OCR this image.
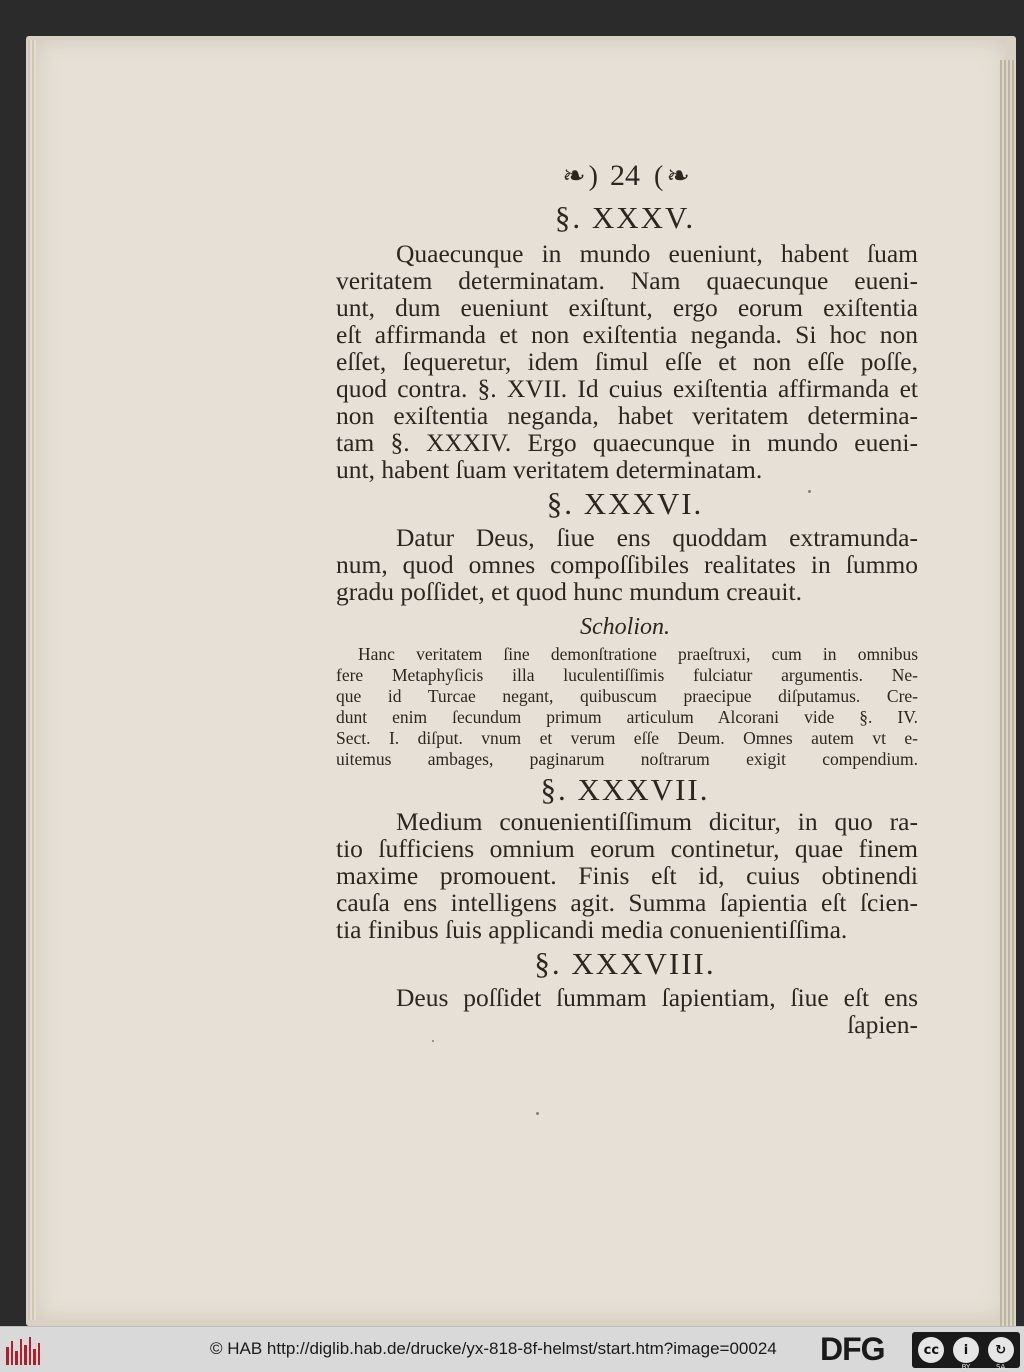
❧ ) 24 ( ❧
§. XXXV.
Quaecunque in mundo eueniunt, habent ſuam
veritatem determinatam. Nam quaecunque eueni-
unt, dum eueniunt exiſtunt, ergo eorum exiſtentia
eſt affirmanda et non exiſtentia neganda. Si hoc non
eſſet, ſequeretur, idem ſimul eſſe et non eſſe poſſe,
quod contra. §. XVII. Id cuius exiſtentia affirmanda et
non exiſtentia neganda, habet veritatem determina-
tam §. XXXIV. Ergo quaecunque in mundo eueni-
unt, habent ſuam veritatem determinatam.
§. XXXVI.
Datur Deus, ſiue ens quoddam extramunda-
num, quod omnes compoſſibiles realitates in ſummo
gradu poſſidet, et quod hunc mundum creauit.
Scholion.
Hanc veritatem ſine demonſtratione praeſtruxi, cum in omnibus
fere Metaphyſicis illa luculentiſſimis fulciatur argumentis. Ne-
que id Turcae negant, quibuscum praecipue diſputamus. Cre-
dunt enim ſecundum primum articulum Alcorani vide §. IV.
Sect. I. diſput. vnum et verum eſſe Deum. Omnes autem vt e-
uitemus ambages, paginarum noſtrarum exigit compendium.
§. XXXVII.
Medium conuenientiſſimum dicitur, in quo ra-
tio ſufficiens omnium eorum continetur, quae finem
maxime promouent. Finis eſt id, cuius obtinendi
cauſa ens intelligens agit. Summa ſapientia eſt ſcien-
tia finibus ſuis applicandi media conuenientiſſima.
§. XXXVIII.
Deus poſſidet ſummam ſapientiam, ſiue eſt ens
ſapien-
© HAB http://diglib.hab.de/drucke/yx-818-8f-helmst/start.htm?image=00024 DFG	cc	i
BY
↻
SA
